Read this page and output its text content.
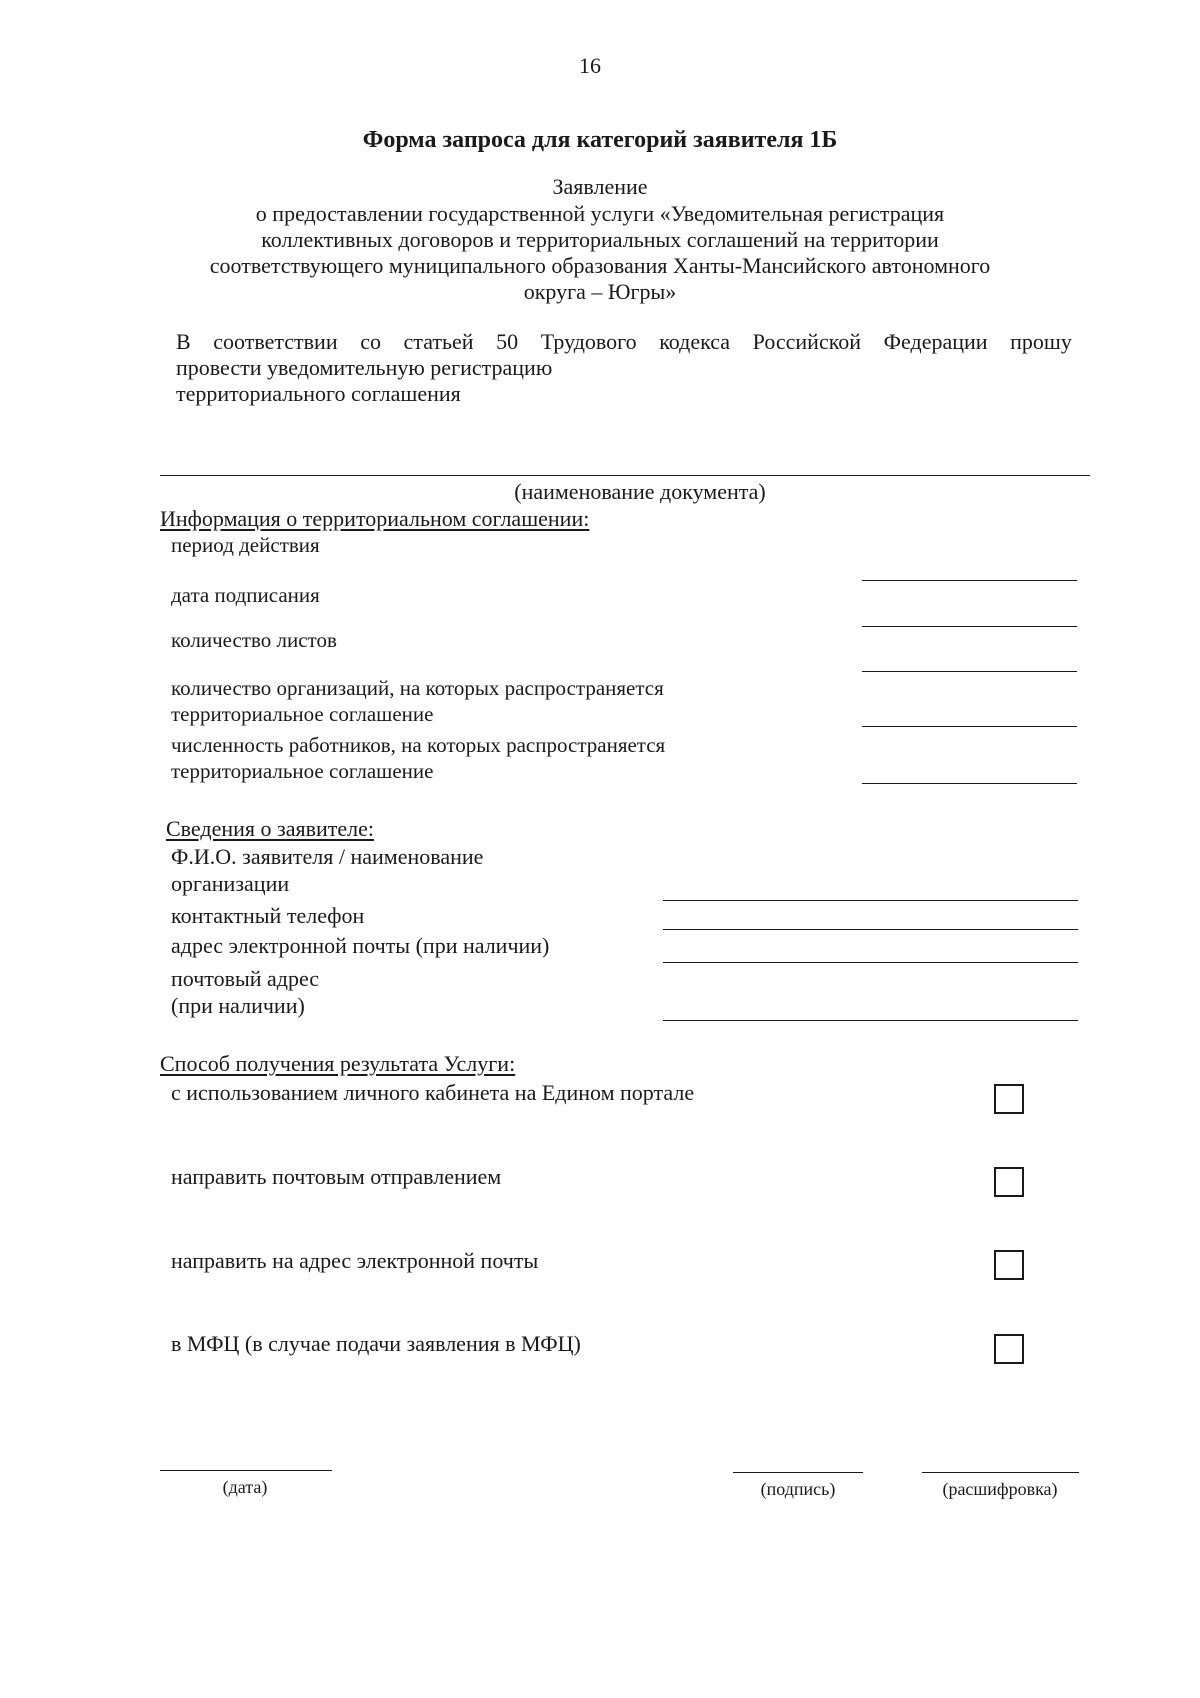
16
Форма запроса для категорий заявителя 1Б
Заявление
о предоставлении государственной услуги «Уведомительная регистрация
коллективных договоров и территориальных соглашений на территории
соответствующего муниципального образования Ханты-Мансийского автономного
округа – Югры»
В соответствии со статьей 50 Трудового кодекса Российской Федерации прошу
провести уведомительную регистрацию
территориального соглашения
(наименование документа)
Информация о территориальном соглашении:
период действия
дата подписания
количество листов
количество организаций, на которых распространяется
территориальное соглашение
численность работников, на которых распространяется
территориальное соглашение
Сведения о заявителе:
Ф.И.О. заявителя / наименование
организации
контактный телефон
адрес электронной почты (при наличии)
почтовый адрес
(при наличии)
Способ получения результата Услуги:
с использованием личного кабинета на Едином портале
направить почтовым отправлением
направить на адрес электронной почты
в МФЦ (в случае подачи заявления в МФЦ)
(дата)	(подпись)	(расшифровка)
